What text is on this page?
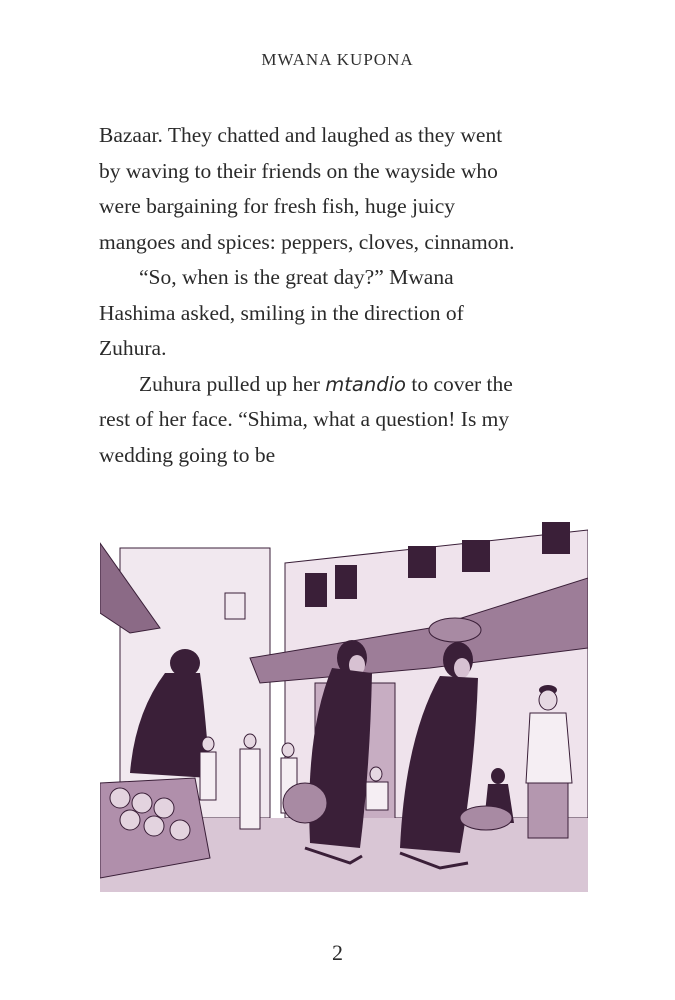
MWANA KUPONA
Bazaar. They chatted and laughed as they went
by waving to their friends on the wayside who
were bargaining for fresh fish, huge juicy
mangoes and spices: peppers, cloves, cinnamon.
“So, when is the great day?” Mwana
Hashima asked, smiling in the direction of
Zuhura.
Zuhura pulled up her mtandio to cover the
rest of her face. “Shima, what a question! Is my
wedding going to be
2
